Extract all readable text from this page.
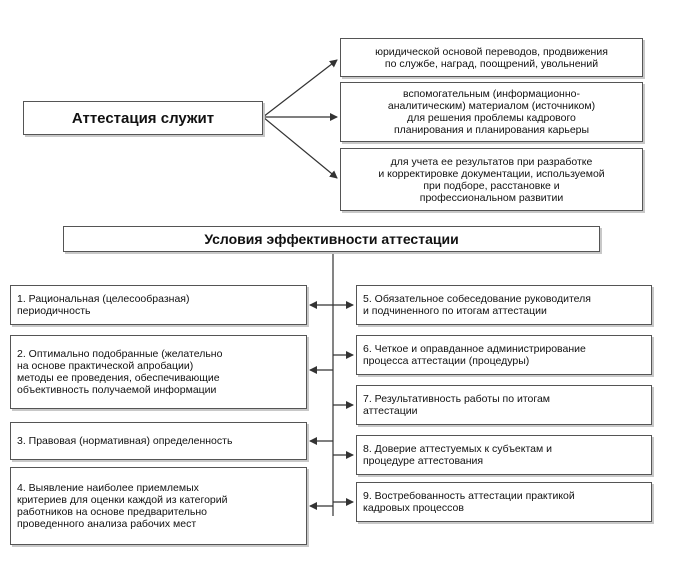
Аттестация служит
юридической основой переводов, продвижения
по службе, наград, поощрений, увольнений
вспомогательным (информационно-
аналитическим) материалом (источником)
для решения проблемы кадрового
планирования и планирования карьеры
для учета ее результатов при разработке
и корректировке документации, используемой
при подборе, расстановке и
профессиональном развитии
Условия эффективности аттестации
1. Рациональная (целесообразная)
периодичность
2. Оптимально подобранные (желательно
на основе практической апробации)
методы ее проведения, обеспечивающие
объективность получаемой информации
3. Правовая (нормативная) определенность
4. Выявление наиболее приемлемых
критериев для оценки каждой из категорий
работников на основе предварительно
проведенного анализа рабочих мест
5. Обязательное собеседование руководителя
и подчиненного по итогам аттестации
6. Четкое и оправданное администрирование
процесса аттестации (процедуры)
7. Результативность работы по итогам
аттестации
8. Доверие аттестуемых к субъектам и
процедуре аттестования
9. Востребованность аттестации практикой
кадровых процессов
